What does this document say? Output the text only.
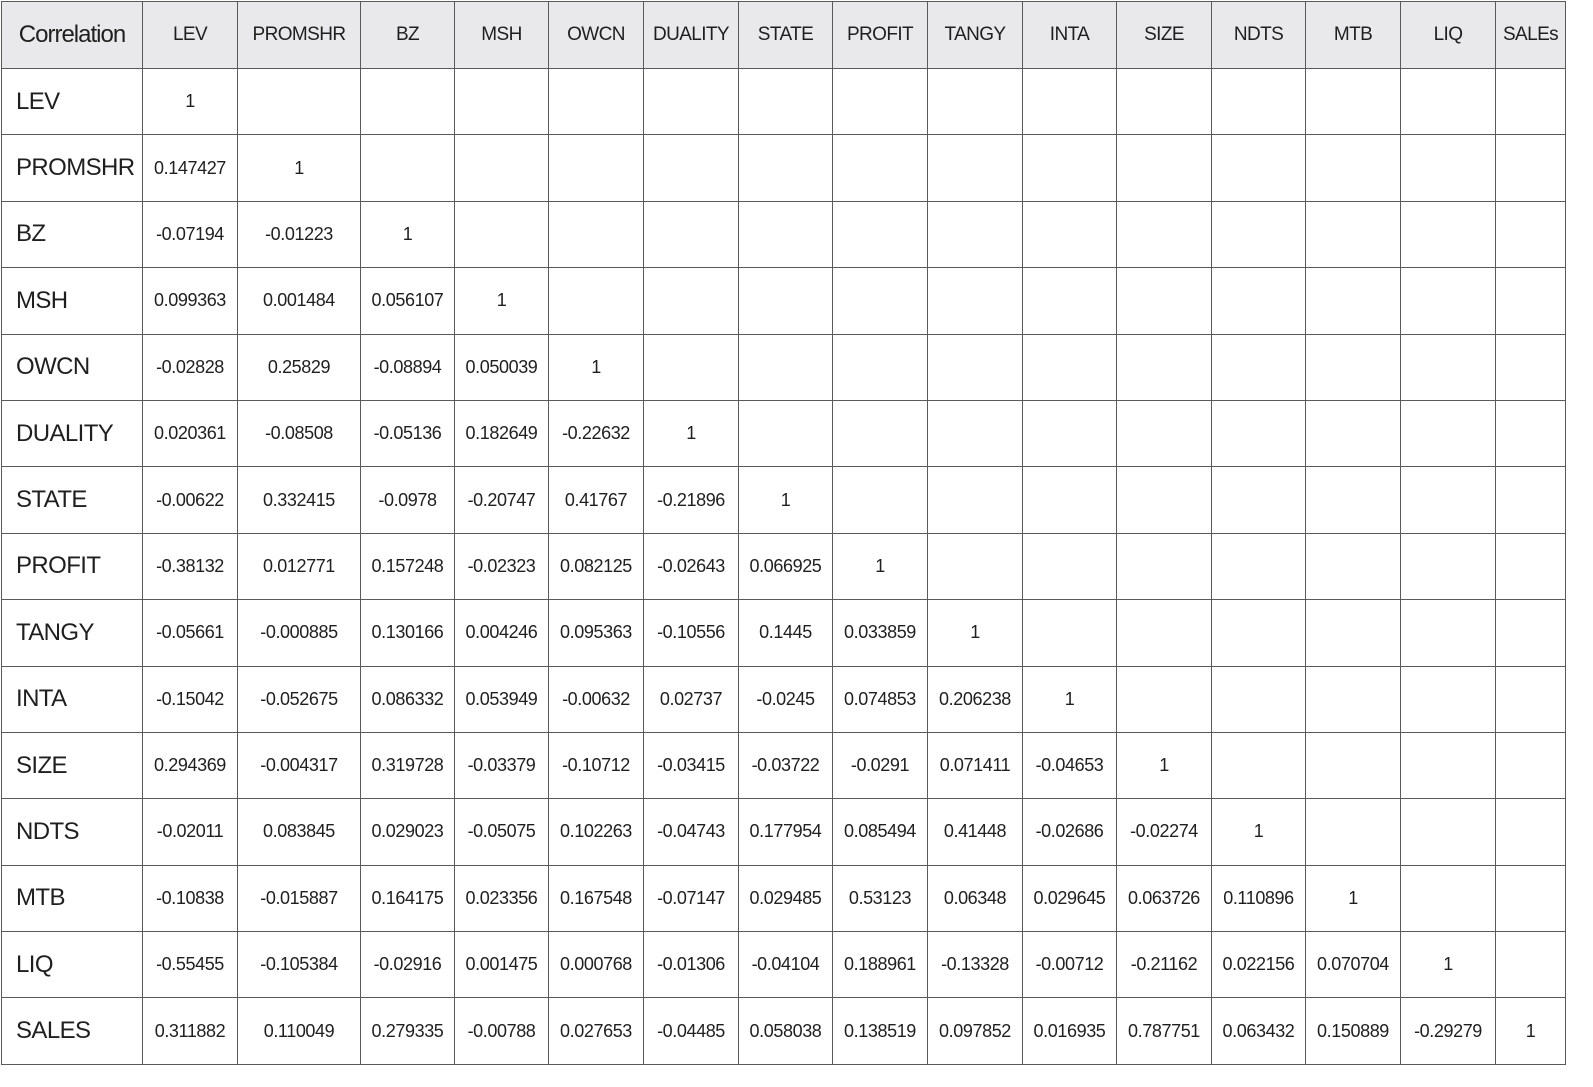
Correlation	LEV	PROMSHR	BZ	MSH	OWCN	DUALITY	STATE	PROFIT	TANGY	INTA	SIZE	NDTS	MTB	LIQ	SALEs
LEV	1														
PROMSHR	0.147427	1													
BZ	-0.07194	-0.01223	1												
MSH	0.099363	0.001484	0.056107	1											
OWCN	-0.02828	0.25829	-0.08894	0.050039	1										
DUALITY	0.020361	-0.08508	-0.05136	0.182649	-0.22632	1									
STATE	-0.00622	0.332415	-0.0978	-0.20747	0.41767	-0.21896	1								
PROFIT	-0.38132	0.012771	0.157248	-0.02323	0.082125	-0.02643	0.066925	1							
TANGY	-0.05661	-0.000885	0.130166	0.004246	0.095363	-0.10556	0.1445	0.033859	1						
INTA	-0.15042	-0.052675	0.086332	0.053949	-0.00632	0.02737	-0.0245	0.074853	0.206238	1					
SIZE	0.294369	-0.004317	0.319728	-0.03379	-0.10712	-0.03415	-0.03722	-0.0291	0.071411	-0.04653	1				
NDTS	-0.02011	0.083845	0.029023	-0.05075	0.102263	-0.04743	0.177954	0.085494	0.41448	-0.02686	-0.02274	1			
MTB	-0.10838	-0.015887	0.164175	0.023356	0.167548	-0.07147	0.029485	0.53123	0.06348	0.029645	0.063726	0.110896	1		
LIQ	-0.55455	-0.105384	-0.02916	0.001475	0.000768	-0.01306	-0.04104	0.188961	-0.13328	-0.00712	-0.21162	0.022156	0.070704	1	
SALES	0.311882	0.110049	0.279335	-0.00788	0.027653	-0.04485	0.058038	0.138519	0.097852	0.016935	0.787751	0.063432	0.150889	-0.29279	1
